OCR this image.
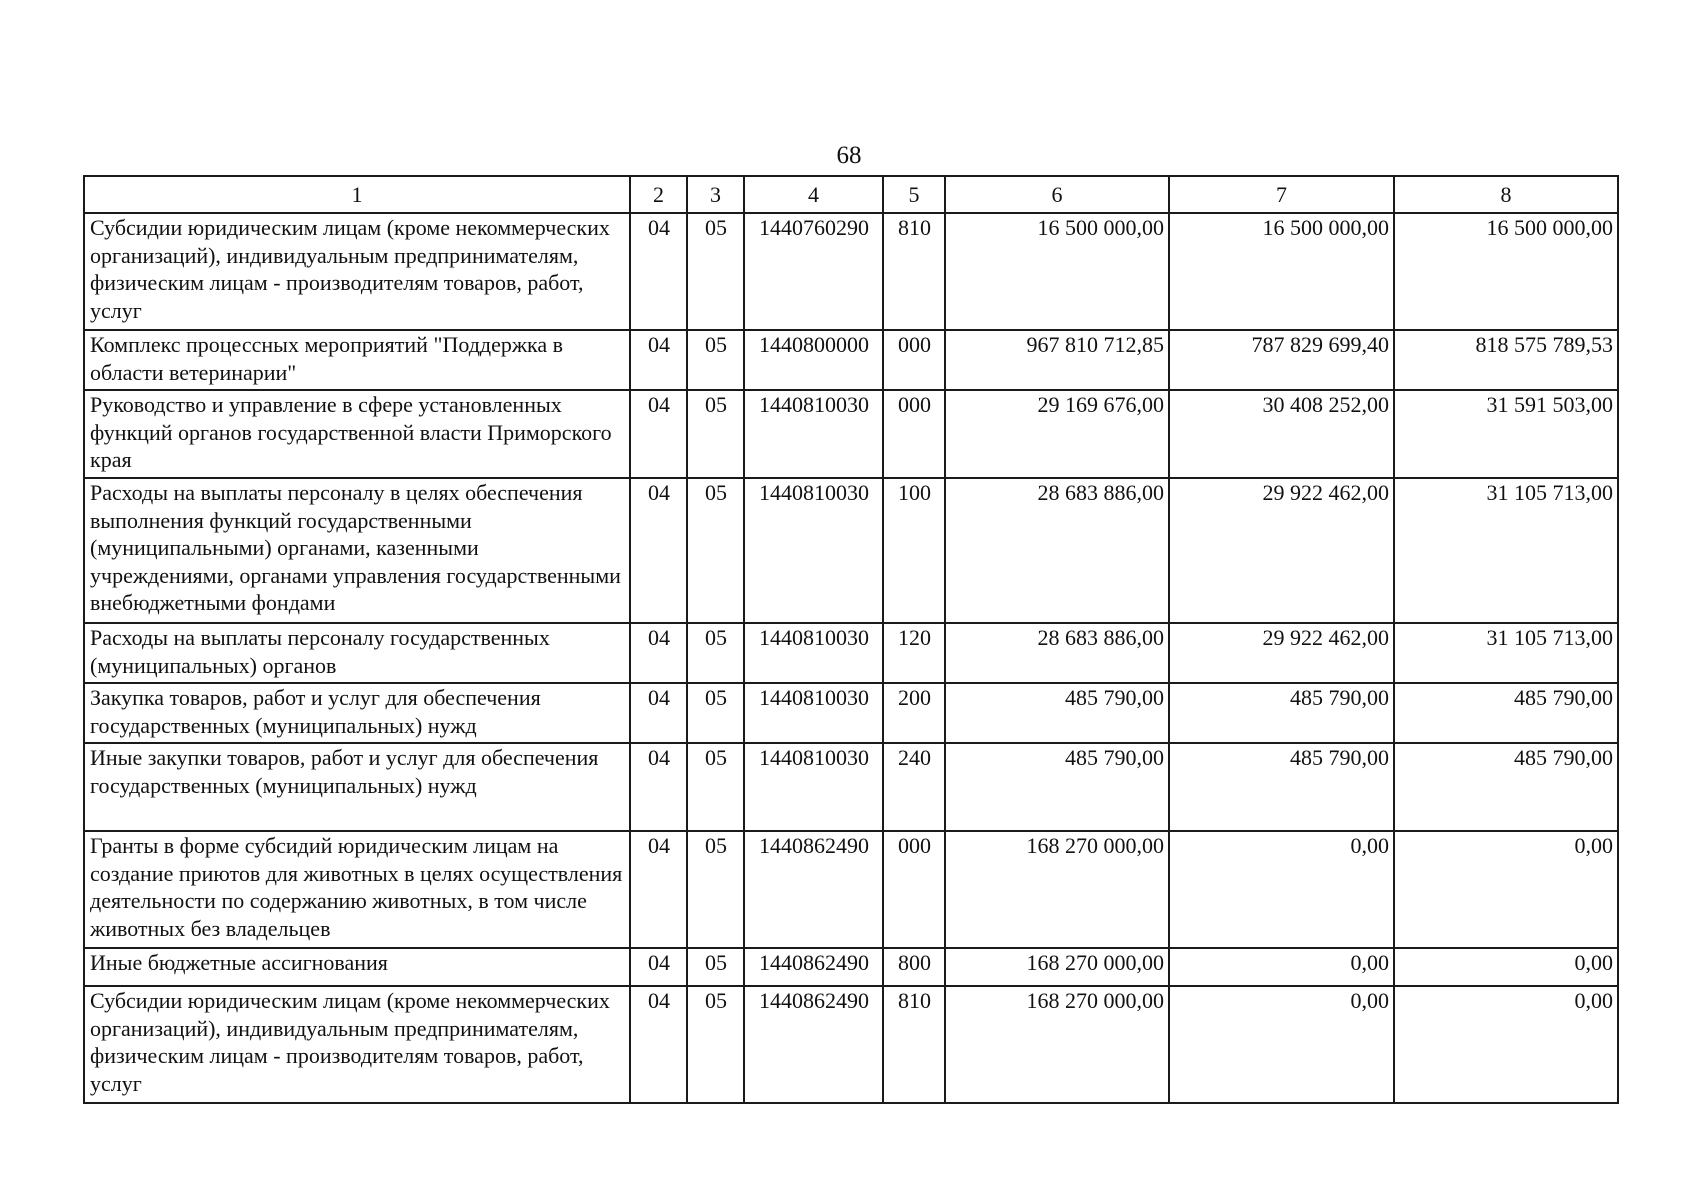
68
1	2	3	4	5	6	7	8
Субсидии юридическим лицам (кроме некоммерческих организаций), индивидуальным предпринимателям, физическим лицам - производителям товаров, работ, услуг	04	05	1440760290	810	16 500 000,00	16 500 000,00	16 500 000,00
Комплекс процессных мероприятий "Поддержка в области ветеринарии"	04	05	1440800000	000	967 810 712,85	787 829 699,40	818 575 789,53
Руководство и управление в сфере установленных функций органов государственной власти Приморского края	04	05	1440810030	000	29 169 676,00	30 408 252,00	31 591 503,00
Расходы на выплаты персоналу в целях обеспечения выполнения функций государственными (муниципальными) органами, казенными учреждениями, органами управления государственными внебюджетными фондами	04	05	1440810030	100	28 683 886,00	29 922 462,00	31 105 713,00
Расходы на выплаты персоналу государственных (муниципальных) органов	04	05	1440810030	120	28 683 886,00	29 922 462,00	31 105 713,00
Закупка товаров, работ и услуг для обеспечения государственных (муниципальных) нужд	04	05	1440810030	200	485 790,00	485 790,00	485 790,00
Иные закупки товаров, работ и услуг для обеспечения государственных (муниципальных) нужд	04	05	1440810030	240	485 790,00	485 790,00	485 790,00
Гранты в форме субсидий юридическим лицам на создание приютов для животных в целях осуществления деятельности по содержанию животных, в том числе животных без владельцев	04	05	1440862490	000	168 270 000,00	0,00	0,00
Иные бюджетные ассигнования	04	05	1440862490	800	168 270 000,00	0,00	0,00
Субсидии юридическим лицам (кроме некоммерческих организаций), индивидуальным предпринимателям, физическим лицам - производителям товаров, работ, услуг	04	05	1440862490	810	168 270 000,00	0,00	0,00
